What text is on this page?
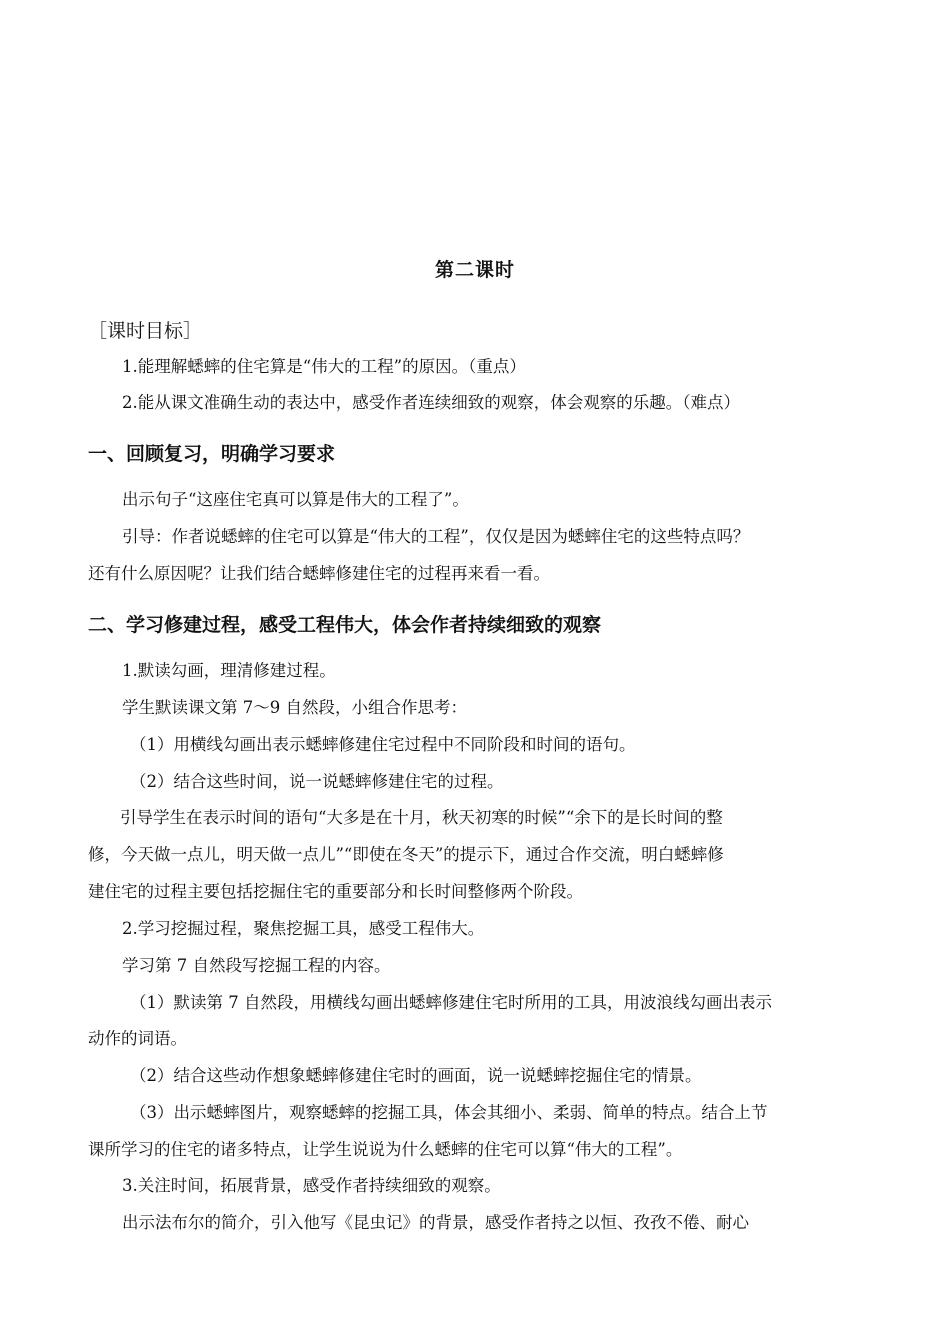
第二课时
［课时目标］
1.能理解蟋蟀的住宅算是“伟大的工程”的原因。（重点）
2.能从课文准确生动的表达中，感受作者连续细致的观察，体会观察的乐趣。（难点）
一、回顾复习，明确学习要求
出示句子“这座住宅真可以算是伟大的工程了”。
引导：作者说蟋蟀的住宅可以算是“伟大的工程”，仅仅是因为蟋蟀住宅的这些特点吗？
还有什么原因呢？让我们结合蟋蟀修建住宅的过程再来看一看。
二、学习修建过程，感受工程伟大，体会作者持续细致的观察
1.默读勾画，理清修建过程。
学生默读课文第 7～9 自然段，小组合作思考：
（1）用横线勾画出表示蟋蟀修建住宅过程中不同阶段和时间的语句。
（2）结合这些时间，说一说蟋蟀修建住宅的过程。
引导学生在表示时间的语句“大多是在十月，秋天初寒的时候”“余下的是长时间的整
修，今天做一点儿，明天做一点儿”“即使在冬天”的提示下，通过合作交流，明白蟋蟀修
建住宅的过程主要包括挖掘住宅的重要部分和长时间整修两个阶段。
2.学习挖掘过程，聚焦挖掘工具，感受工程伟大。
学习第 7 自然段写挖掘工程的内容。
（1）默读第 7 自然段，用横线勾画出蟋蟀修建住宅时所用的工具，用波浪线勾画出表示
动作的词语。
（2）结合这些动作想象蟋蟀修建住宅时的画面，说一说蟋蟀挖掘住宅的情景。
（3）出示蟋蟀图片，观察蟋蟀的挖掘工具，体会其细小、柔弱、简单的特点。结合上节
课所学习的住宅的诸多特点，让学生说说为什么蟋蟀的住宅可以算“伟大的工程”。
3.关注时间，拓展背景，感受作者持续细致的观察。
出示法布尔的简介，引入他写《昆虫记》的背景，感受作者持之以恒、孜孜不倦、耐心
